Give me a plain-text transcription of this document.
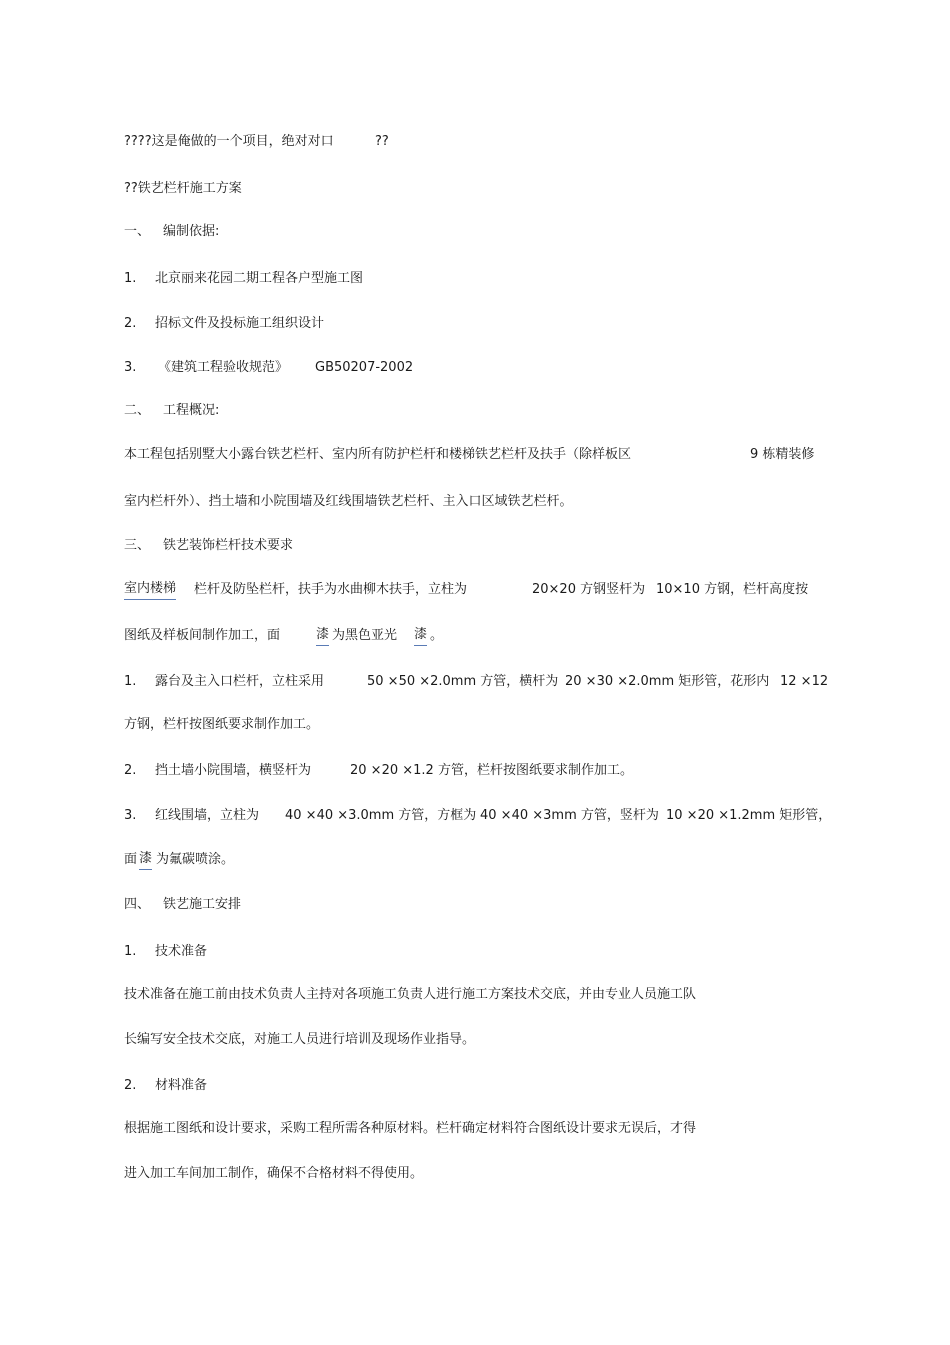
????这是俺做的一个项目，绝对对口	??
??铁艺栏杆施工方案
一、 编制依据:
1. 北京丽来花园二期工程各户型施工图
2. 招标文件及投标施工组织设计
3. 《建筑工程验收规范》 GB50207-2002
二、 工程概况:
本工程包括别墅大小露台铁艺栏杆、室内所有防护栏杆和楼梯铁艺栏杆及扶手（除样板区	9 栋精装修
室内栏杆外）、挡土墙和小院围墙及红线围墙铁艺栏杆、主入口区域铁艺栏杆。
三、 铁艺装饰栏杆技术要求
室内楼梯 栏杆及防坠栏杆，扶手为水曲柳木扶手，立柱为	20×20 方钢竖杆为 10×10 方钢，栏杆高度按
图纸及样板间制作加工，面	漆 为黑色亚光 漆 。
1. 露台及主入口栏杆，立柱采用	50 ×50 ×2.0mm 方管，横杆为 20 ×30 ×2.0mm 矩形管，花形内 12 ×12
方钢，栏杆按图纸要求制作加工。
2. 挡土墙小院围墙，横竖杆为	20 ×20 ×1.2 方管，栏杆按图纸要求制作加工。
3. 红线围墙，立柱为 40 ×40 ×3.0mm 方管，方框为 40 ×40 ×3mm 方管，竖杆为 10 ×20 ×1.2mm 矩形管，
面 漆 为氟碳喷涂。
四、 铁艺施工安排
1. 技术准备
技术准备在施工前由技术负责人主持对各项施工负责人进行施工方案技术交底，并由专业人员施工队
长编写安全技术交底，对施工人员进行培训及现场作业指导。
2. 材料准备
根据施工图纸和设计要求，采购工程所需各种原材料。栏杆确定材料符合图纸设计要求无误后，才得
进入加工车间加工制作，确保不合格材料不得使用。
